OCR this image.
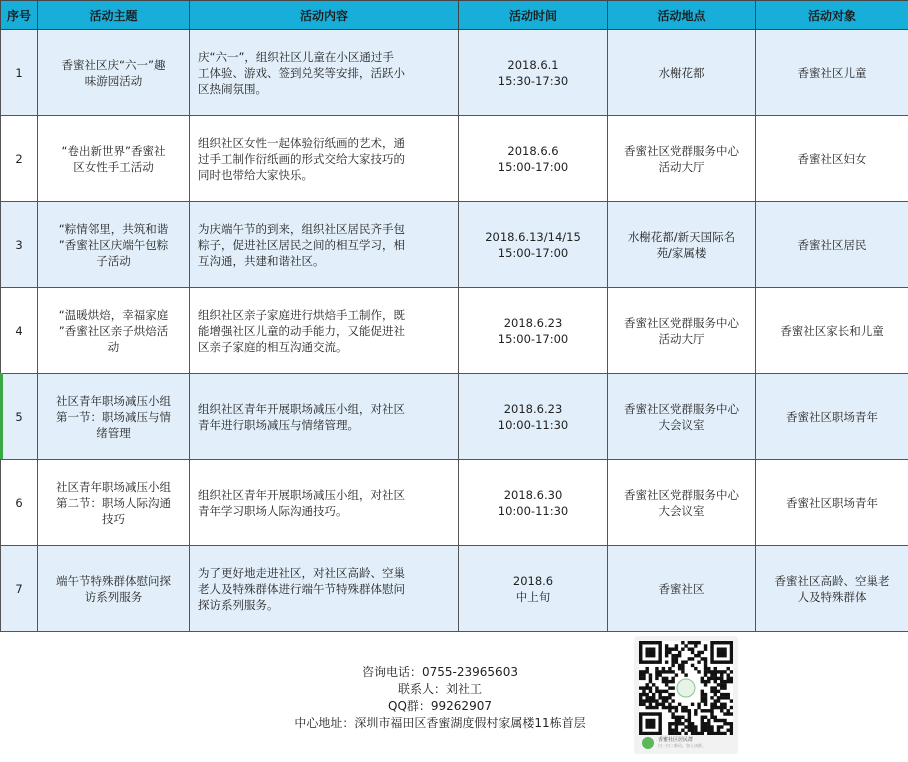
序号	活动主题	活动内容	活动时间	活动地点	活动对象
1	香蜜社区庆“六一”趣
味游园活动	庆“六一”，组织社区儿童在小区通过手
工体验、游戏、签到兑奖等安排，活跃小
区热闹氛围。	2018.6.1
15:30-17:30	水榭花都	香蜜社区儿童

2	“卷出新世界”香蜜社
区女性手工活动	组织社区女性一起体验衍纸画的艺术，通
过手工制作衍纸画的形式交给大家技巧的
同时也带给大家快乐。	2018.6.6
15:00-17:00	香蜜社区党群服务中心
活动大厅	香蜜社区妇女

3	“粽情邻里，共筑和谐
”香蜜社区庆端午包粽
子活动	为庆端午节的到来，组织社区居民齐手包
粽子，促进社区居民之间的相互学习，相
互沟通，共建和谐社区。	2018.6.13/14/15
15:00-17:00	水榭花都/新天国际名
苑/家属楼	香蜜社区居民

4	“温暖烘焙，幸福家庭
”香蜜社区亲子烘焙活
动	组织社区亲子家庭进行烘焙手工制作，既
能增强社区儿童的动手能力，又能促进社
区亲子家庭的相互沟通交流。	2018.6.23
15:00-17:00	香蜜社区党群服务中心
活动大厅	香蜜社区家长和儿童

5	社区青年职场减压小组
第一节：职场减压与情
绪管理	组织社区青年开展职场减压小组，对社区
青年进行职场减压与情绪管理。	2018.6.23
10:00-11:30	香蜜社区党群服务中心
大会议室	香蜜社区职场青年

6	社区青年职场减压小组
第二节：职场人际沟通
技巧	组织社区青年开展职场减压小组，对社区
青年学习职场人际沟通技巧。	2018.6.30
10:00-11:30	香蜜社区党群服务中心
大会议室	香蜜社区职场青年

7	端午节特殊群体慰问探
访系列服务	为了更好地走进社区，对社区高龄、空巢
老人及特殊群体进行端午节特殊群体慰问
探访系列服务。	2018.6
中上旬	香蜜社区	香蜜社区高龄、空巢老
人及特殊群体
咨询电话：0755-23965603
联系人：刘社工
QQ群：99262907
中心地址：深圳市福田区香蜜湖度假村家属楼11栋首层
香蜜社区居民群
扫一扫二维码，加入该群。
